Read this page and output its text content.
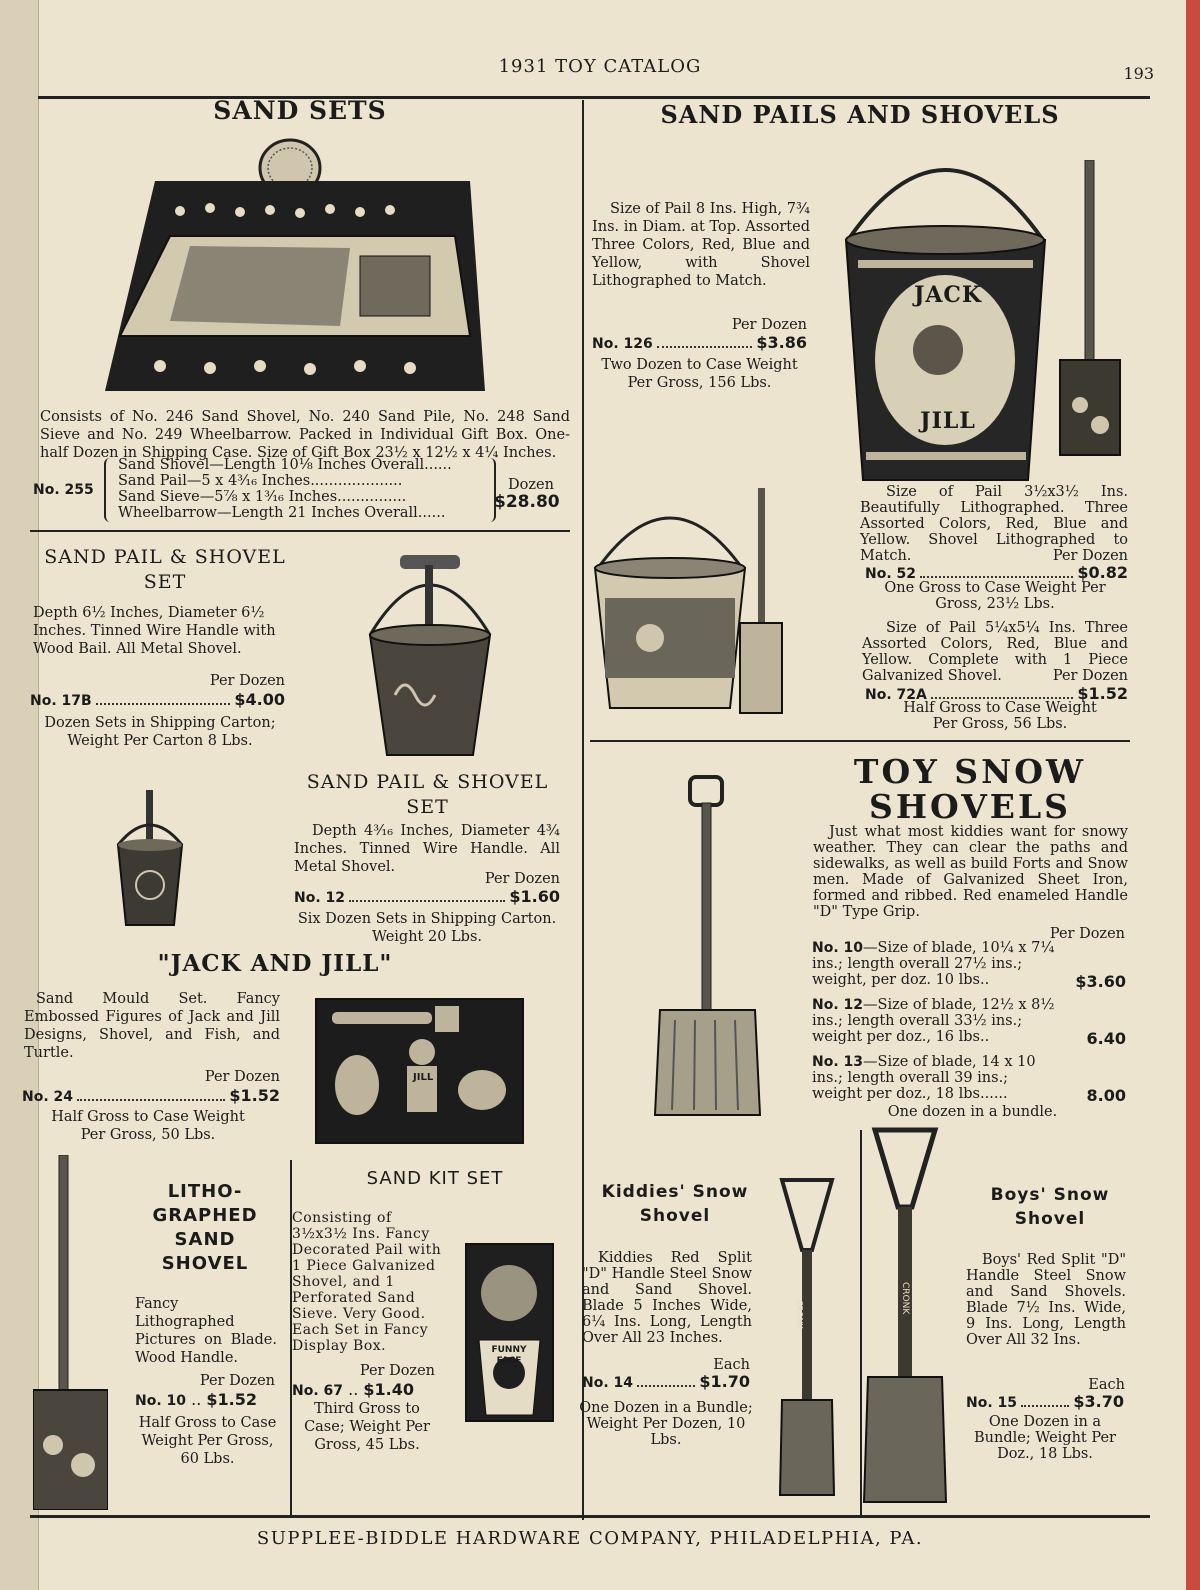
1931 TOY CATALOG	193
SAND SETS
Consists of No. 246 Sand Shovel, No. 240 Sand Pile, No. 248 Sand Sieve and No. 249 Wheelbarrow. Packed in Individual Gift Box. One-half Dozen in Shipping Case. Size of Gift Box 23½ x 12½ x 4¼ Inches.
No. 255
Sand Shovel—Length 10⅛ Inches Overall......
Sand Pail—5 x 4³⁄₁₆ Inches....................
Sand Sieve—5⅞ x 1³⁄₁₆ Inches...............
Wheelbarrow—Length 21 Inches Overall......
Dozen
$28.80
SAND PAIL & SHOVEL SET
Depth 6½ Inches, Diameter 6½ Inches. Tinned Wire Handle with Wood Bail. All Metal Shovel.
Per Dozen
No. 17B	$4.00
Dozen Sets in Shipping Carton; Weight Per Carton 8 Lbs.
SAND PAIL & SHOVEL SET
Depth 4³⁄₁₆ Inches, Diameter 4¾ Inches. Tinned Wire Handle. All Metal Shovel.
Per Dozen
No. 12	$1.60
Six Dozen Sets in Shipping Carton. Weight 20 Lbs.
"JACK AND JILL"
Sand Mould Set. Fancy Embossed Figures of Jack and Jill Designs, Shovel, and Fish, and Turtle.
Per Dozen
No. 24	$1.52
Half Gross to Case Weight Per Gross, 50 Lbs.
JILL
LITHO-GRAPHED SAND SHOVEL
Fancy Lithographed Pictures on Blade. Wood Handle.
Per Dozen
No. 10 .. $1.52
Half Gross to Case Weight Per Gross, 60 Lbs.
SAND KIT SET
Consisting of 3½x3½ Ins. Fancy Decorated Pail with 1 Piece Galvanized Shovel, and 1 Perforated Sand Sieve. Very Good. Each Set in Fancy Display Box.
Per Dozen
No. 67 .. $1.40
Third Gross to Case; Weight Per Gross, 45 Lbs.
FUNNY FACE
SAND PAILS AND SHOVELS
Size of Pail 8 Ins. High, 7¾ Ins. in Diam. at Top. Assorted Three Colors, Red, Blue and Yellow, with Shovel Lithographed to Match.
Per Dozen
No. 126	$3.86
Two Dozen to Case Weight Per Gross, 156 Lbs.
JACK
JILL
Size of Pail 3½x3½ Ins. Beautifully Lithographed. Three Assorted Colors, Red, Blue and Yellow. Shovel Lithographed to Match.	Per Dozen
No. 52	$0.82
One Gross to Case Weight Per Gross, 23½ Lbs.
Size of Pail 5¼x5¼ Ins. Three Assorted Colors, Red, Blue and Yellow. Complete with 1 Piece Galvanized Shovel.	Per Dozen
No. 72A	$1.52
Half Gross to Case Weight Per Gross, 56 Lbs.
TOY SNOW
SHOVELS
Just what most kiddies want for snowy weather. They can clear the paths and sidewalks, as well as build Forts and Snow men. Made of Galvanized Sheet Iron, formed and ribbed. Red enameled Handle "D" Type Grip.
Per Dozen
No. 10—Size of blade, 10¼ x 7¼ ins.; length overall 27½ ins.; weight, per doz. 10 lbs..	$3.60
No. 12—Size of blade, 12½ x 8½ ins.; length overall 33½ ins.; weight per doz., 16 lbs..	6.40
No. 13—Size of blade, 14 x 10 ins.; length overall 39 ins.; weight per doz., 18 lbs......	8.00
One dozen in a bundle.
Kiddies' Snow Shovel
Kiddies Red Split "D" Handle Steel Snow and Sand Shovel. Blade 5 Inches Wide, 6¼ Ins. Long, Length Over All 23 Inches.
Each
No. 14	$1.70
One Dozen in a Bundle; Weight Per Dozen, 10 Lbs.
CRONK
CRONK
Boys' Snow Shovel
Boys' Red Split "D" Handle Steel Snow and Sand Shovels. Blade 7½ Ins. Wide, 9 Ins. Long, Length Over All 32 Ins.
Each
No. 15	$3.70
One Dozen in a Bundle; Weight Per Doz., 18 Lbs.
SUPPLEE-BIDDLE HARDWARE COMPANY, PHILADELPHIA, PA.
